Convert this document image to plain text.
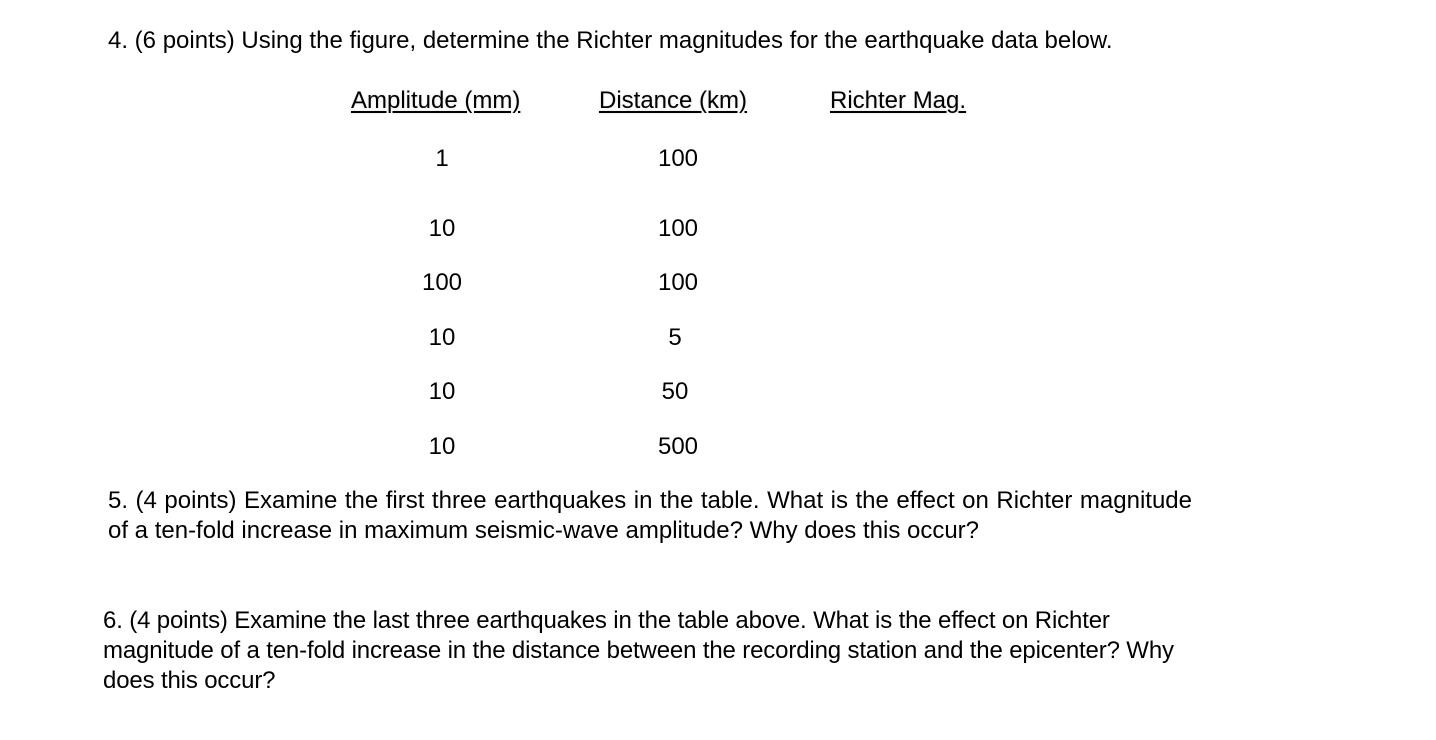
4. (6 points) Using the figure, determine the Richter magnitudes for the earthquake data below.

Amplitude (mm)	Distance (km)	Richter Mag.
1	100
10	100
100	100
10	5
10	50
10	500

5. (4 points) Examine the first three earthquakes in the table. What is the effect on Richter magnitude of a ten-fold increase in maximum seismic-wave amplitude? Why does this occur?

6. (4 points) Examine the last three earthquakes in the table above. What is the effect on Richter magnitude of a ten-fold increase in the distance between the recording station and the epicenter? Why does this occur?
